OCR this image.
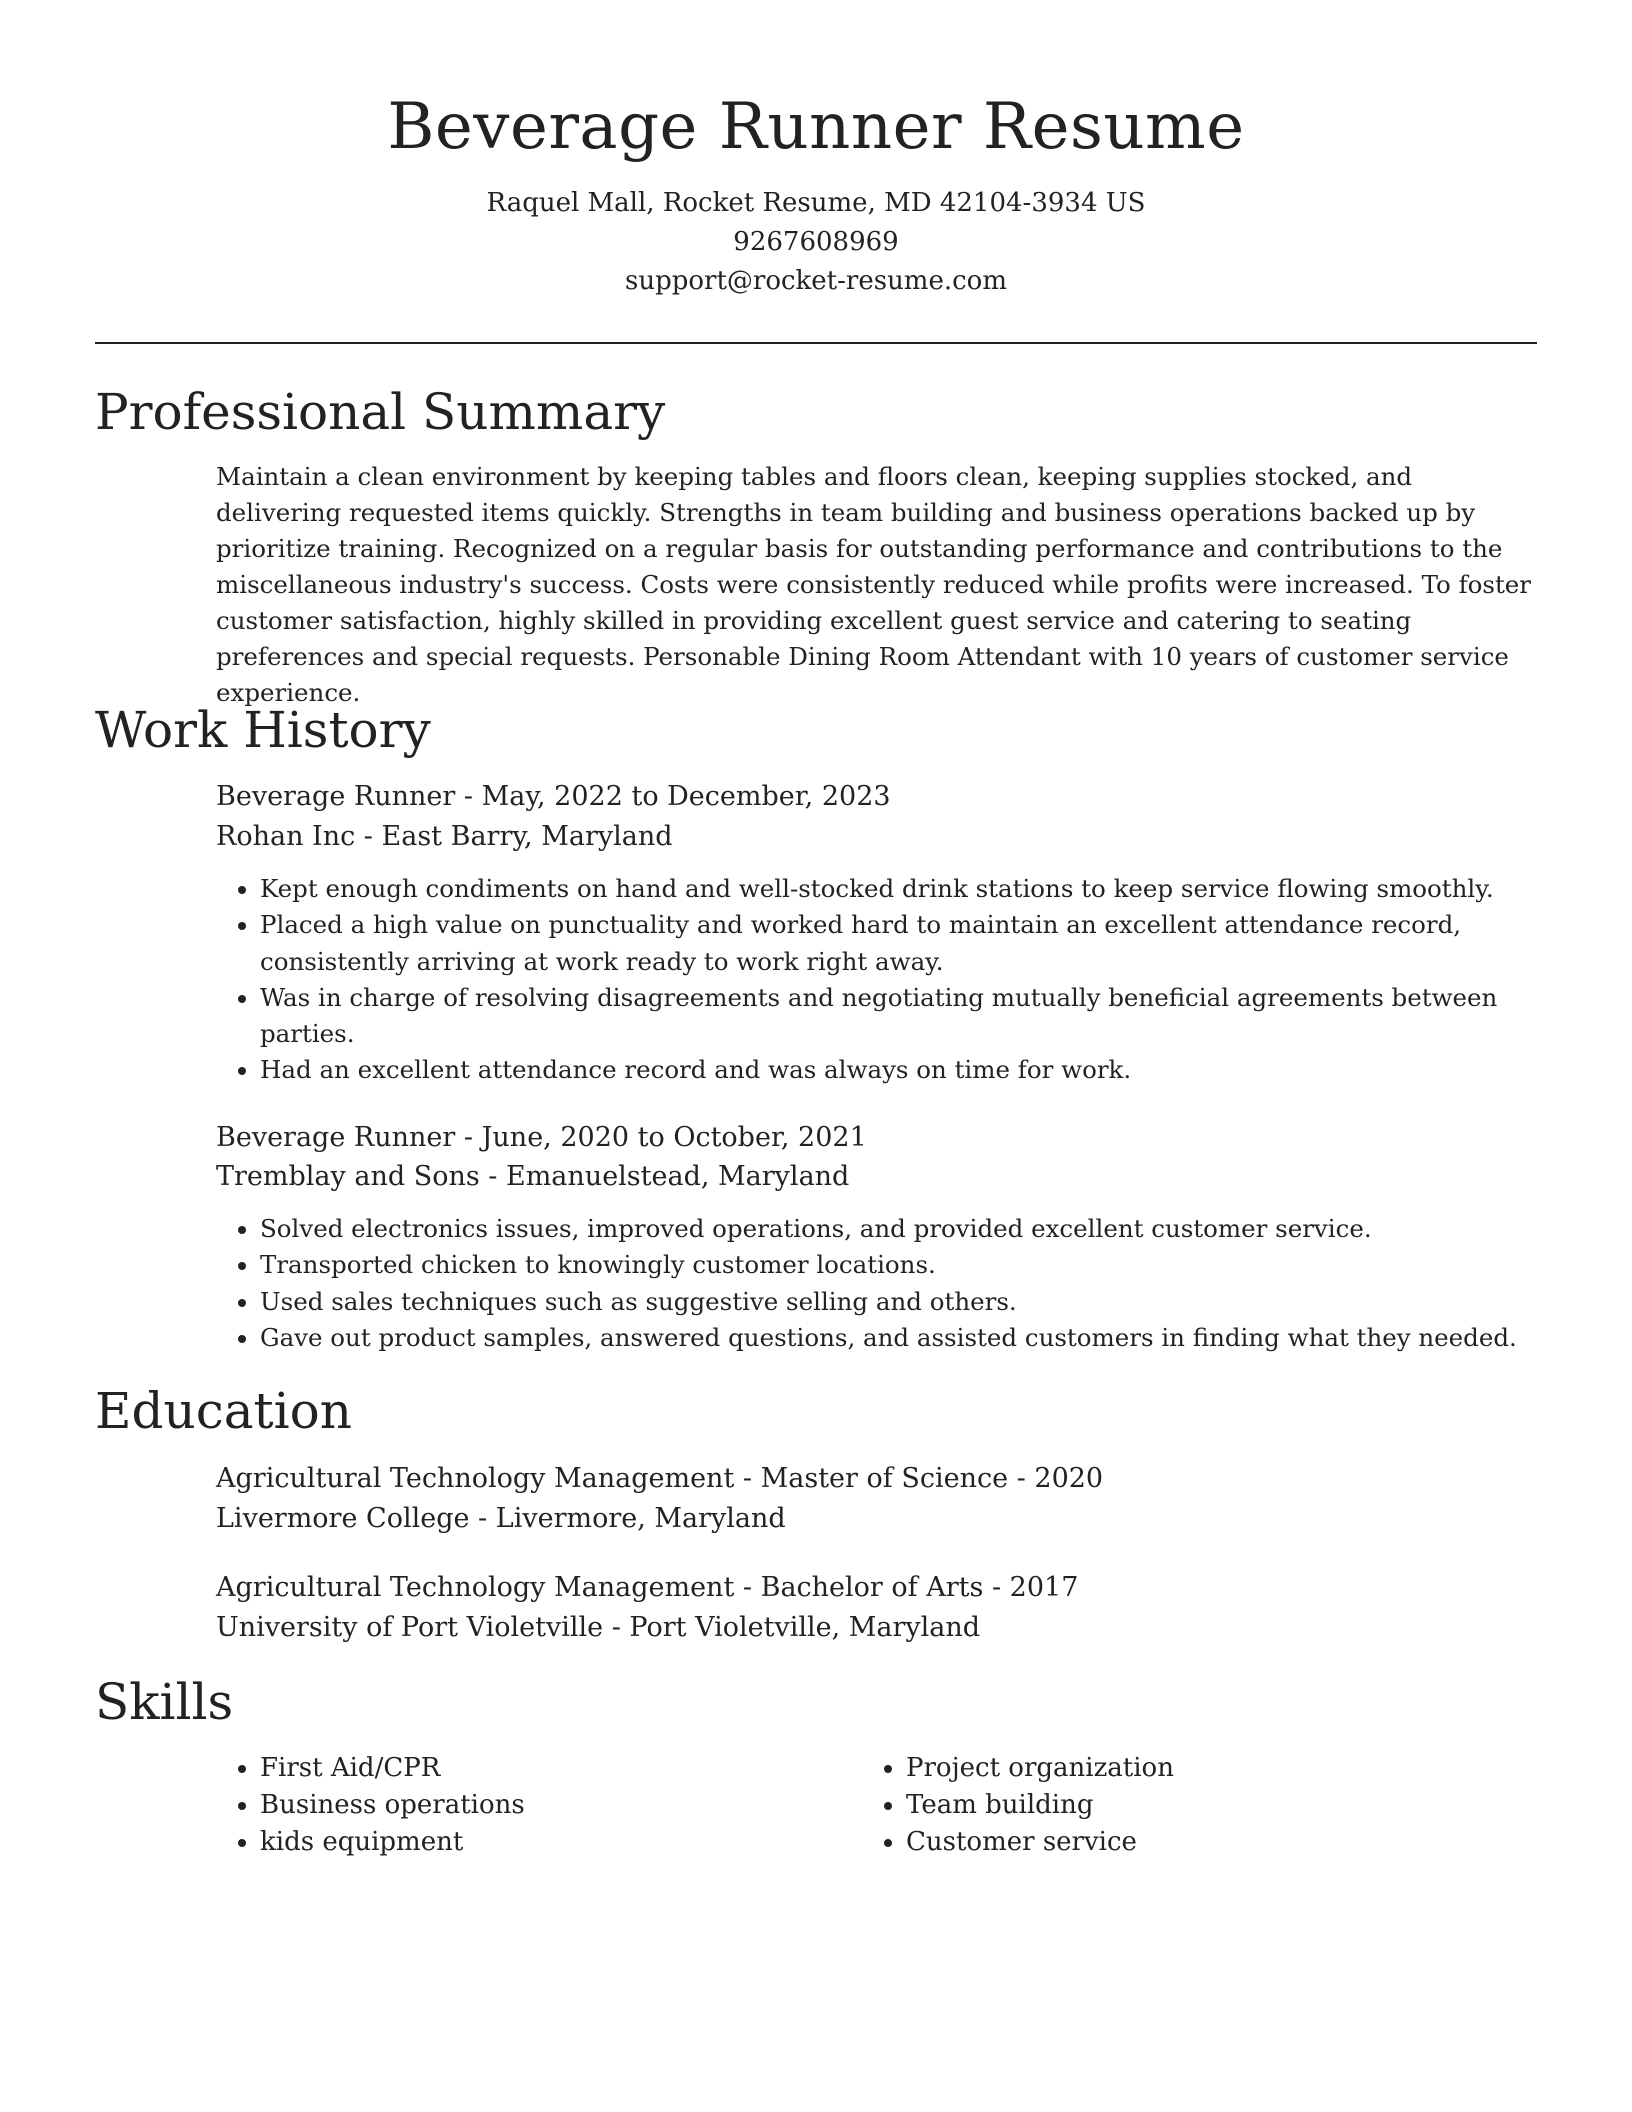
Beverage Runner Resume
Raquel Mall, Rocket Resume, MD 42104-3934 US
9267608969
support@rocket-resume.com
Professional Summary
Maintain a clean environment by keeping tables and floors clean, keeping supplies stocked, and delivering requested items quickly. Strengths in team building and business operations backed up by prioritize training. Recognized on a regular basis for outstanding performance and contributions to the miscellaneous industry's success. Costs were consistently reduced while profits were increased. To foster customer satisfaction, highly skilled in providing excellent guest service and catering to seating preferences and special requests. Personable Dining Room Attendant with 10 years of customer service experience.
Work History
Beverage Runner - May, 2022 to December, 2023
Rohan Inc - East Barry, Maryland
• Kept enough condiments on hand and well-stocked drink stations to keep service flowing smoothly.
• Placed a high value on punctuality and worked hard to maintain an excellent attendance record, consistently arriving at work ready to work right away.
• Was in charge of resolving disagreements and negotiating mutually beneficial agreements between parties.
• Had an excellent attendance record and was always on time for work.
Beverage Runner - June, 2020 to October, 2021
Tremblay and Sons - Emanuelstead, Maryland
• Solved electronics issues, improved operations, and provided excellent customer service.
• Transported chicken to knowingly customer locations.
• Used sales techniques such as suggestive selling and others.
• Gave out product samples, answered questions, and assisted customers in finding what they needed.
Education
Agricultural Technology Management - Master of Science - 2020
Livermore College - Livermore, Maryland
Agricultural Technology Management - Bachelor of Arts - 2017
University of Port Violetville - Port Violetville, Maryland
Skills
• First Aid/CPR
• Business operations
• kids equipment
• Project organization
• Team building
• Customer service
